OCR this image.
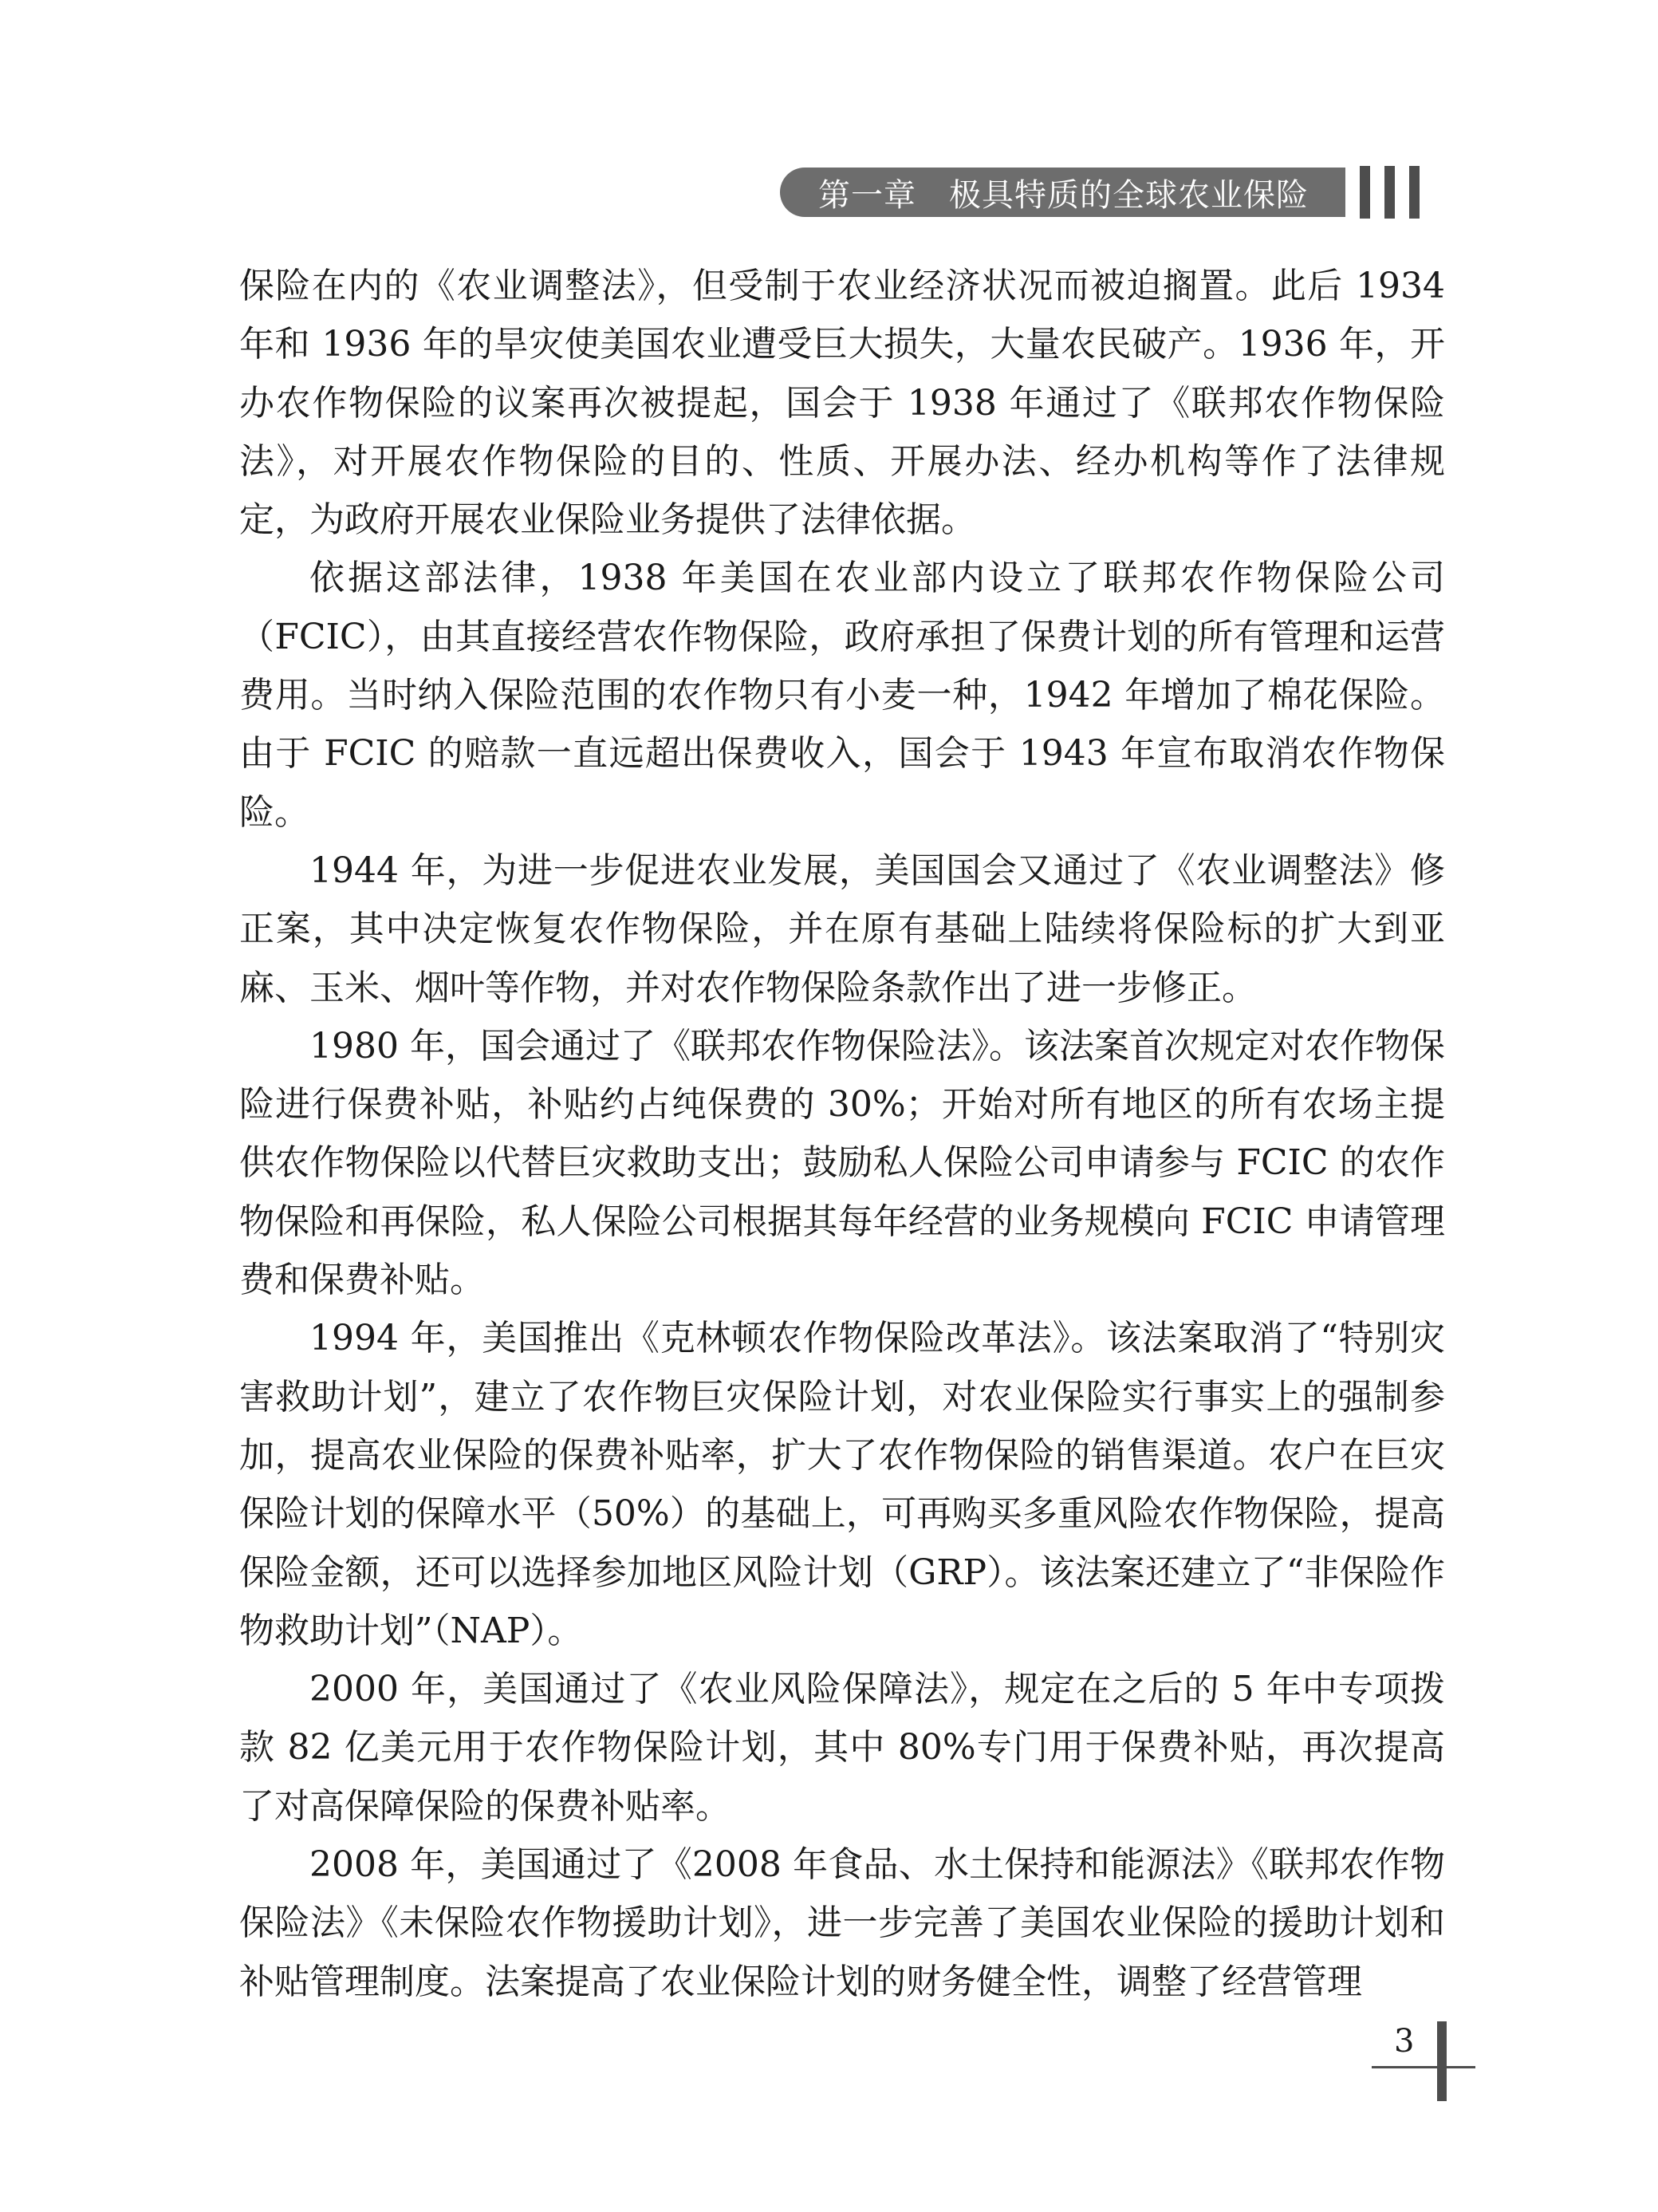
第一章　极具特质的全球农业保险

保险在内的《农业调整法》，但受制于农业经济状况而被迫搁置。此后 1934 年和 1936 年的旱灾使美国农业遭受巨大损失，大量农民破产。1936 年，开办农作物保险的议案再次被提起，国会于 1938 年通过了《联邦农作物保险法》，对开展农作物保险的目的、性质、开展办法、经办机构等作了法律规定，为政府开展农业保险业务提供了法律依据。

依据这部法律，1938 年美国在农业部内设立了联邦农作物保险公司（FCIC），由其直接经营农作物保险，政府承担了保费计划的所有管理和运营费用。当时纳入保险范围的农作物只有小麦一种，1942 年增加了棉花保险。由于 FCIC 的赔款一直远超出保费收入，国会于 1943 年宣布取消农作物保险。

1944 年，为进一步促进农业发展，美国国会又通过了《农业调整法》修正案，其中决定恢复农作物保险，并在原有基础上陆续将保险标的扩大到亚麻、玉米、烟叶等作物，并对农作物保险条款作出了进一步修正。

1980 年，国会通过了《联邦农作物保险法》。该法案首次规定对农作物保险进行保费补贴，补贴约占纯保费的 30%；开始对所有地区的所有农场主提供农作物保险以代替巨灾救助支出；鼓励私人保险公司申请参与 FCIC 的农作物保险和再保险，私人保险公司根据其每年经营的业务规模向 FCIC 申请管理费和保费补贴。

1994 年，美国推出《克林顿农作物保险改革法》。该法案取消了“特别灾害救助计划”，建立了农作物巨灾保险计划，对农业保险实行事实上的强制参加，提高农业保险的保费补贴率，扩大了农作物保险的销售渠道。农户在巨灾保险计划的保障水平（50%）的基础上，可再购买多重风险农作物保险，提高保险金额，还可以选择参加地区风险计划（GRP）。该法案还建立了“非保险作物救助计划”（NAP）。

2000 年，美国通过了《农业风险保障法》，规定在之后的 5 年中专项拨款 82 亿美元用于农作物保险计划，其中 80%专门用于保费补贴，再次提高了对高保障保险的保费补贴率。

2008 年，美国通过了《2008 年食品、水土保持和能源法》《联邦农作物保险法》《未保险农作物援助计划》，进一步完善了美国农业保险的援助计划和补贴管理制度。法案提高了农业保险计划的财务健全性，调整了经营管理

3
